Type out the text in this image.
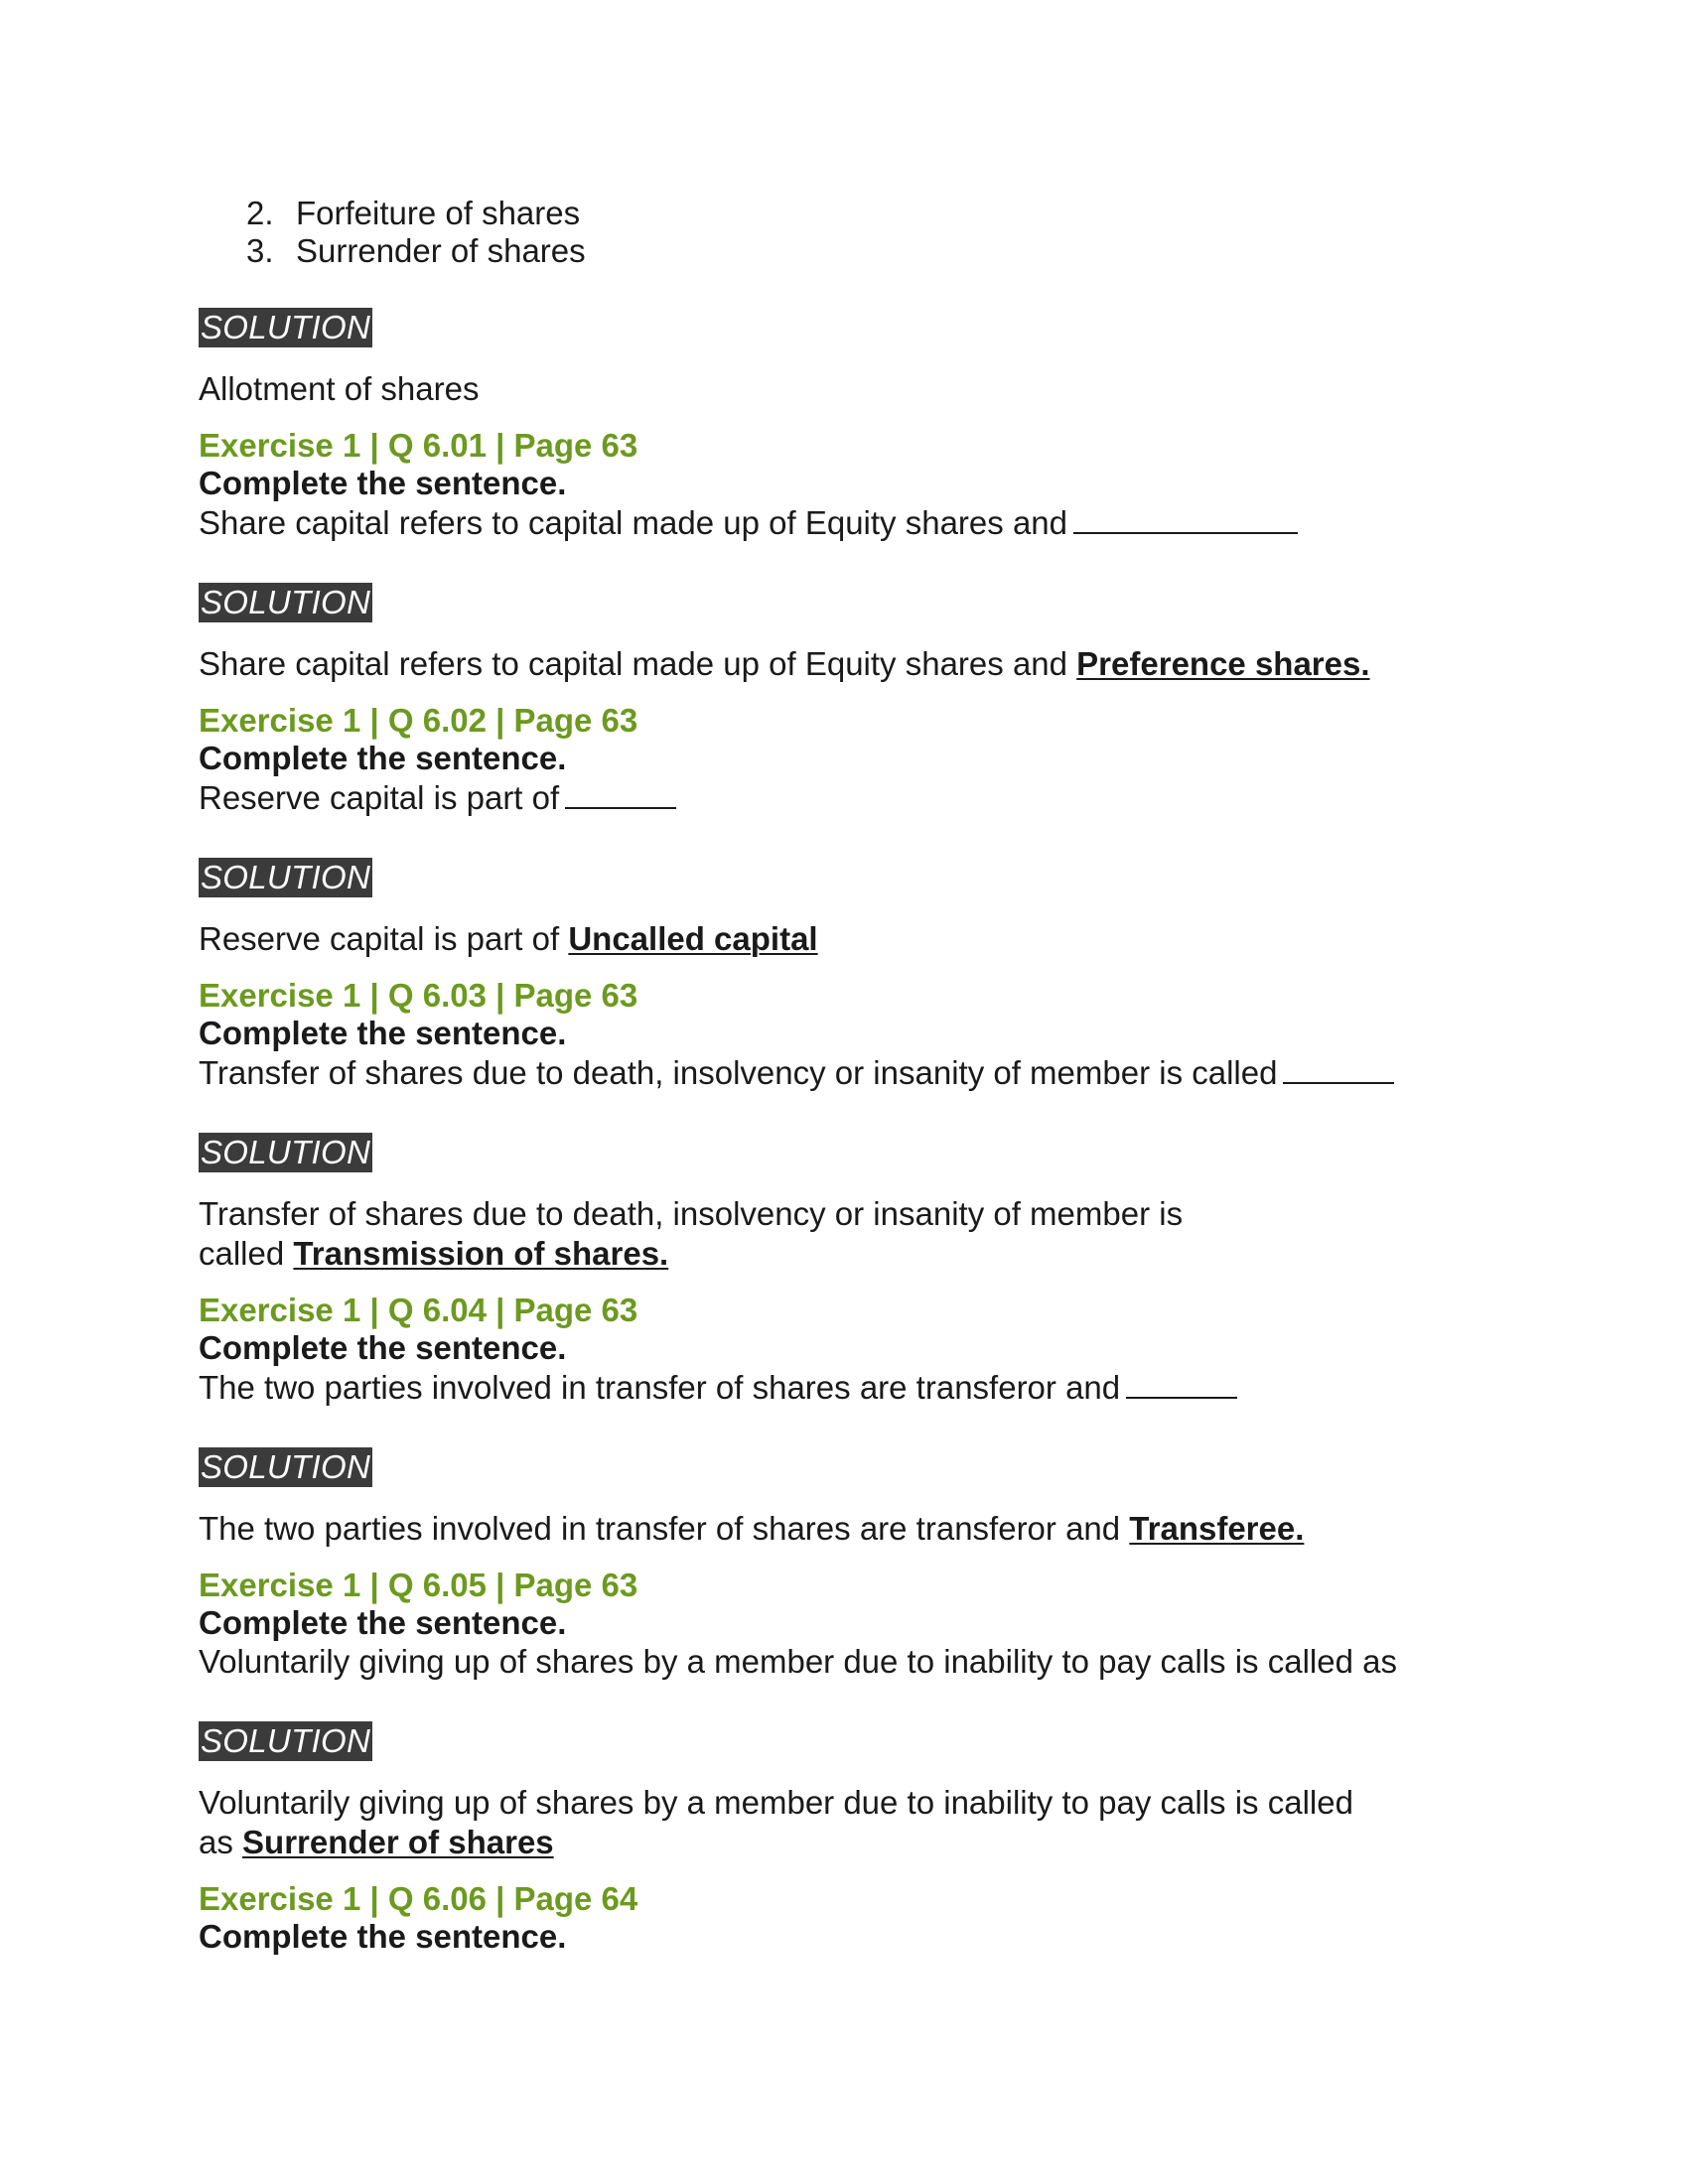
2. Forfeiture of shares
3. Surrender of shares
SOLUTION
Allotment of shares
Exercise 1 | Q 6.01 | Page 63
Complete the sentence.
Share capital refers to capital made up of Equity shares and
SOLUTION
Share capital refers to capital made up of Equity shares and Preference shares.
Exercise 1 | Q 6.02 | Page 63
Complete the sentence.
Reserve capital is part of
SOLUTION
Reserve capital is part of Uncalled capital
Exercise 1 | Q 6.03 | Page 63
Complete the sentence.
Transfer of shares due to death, insolvency or insanity of member is called
SOLUTION
Transfer of shares due to death, insolvency or insanity of member is
called Transmission of shares.
Exercise 1 | Q 6.04 | Page 63
Complete the sentence.
The two parties involved in transfer of shares are transferor and
SOLUTION
The two parties involved in transfer of shares are transferor and Transferee.
Exercise 1 | Q 6.05 | Page 63
Complete the sentence.
Voluntarily giving up of shares by a member due to inability to pay calls is called as
SOLUTION
Voluntarily giving up of shares by a member due to inability to pay calls is called
as Surrender of shares
Exercise 1 | Q 6.06 | Page 64
Complete the sentence.
